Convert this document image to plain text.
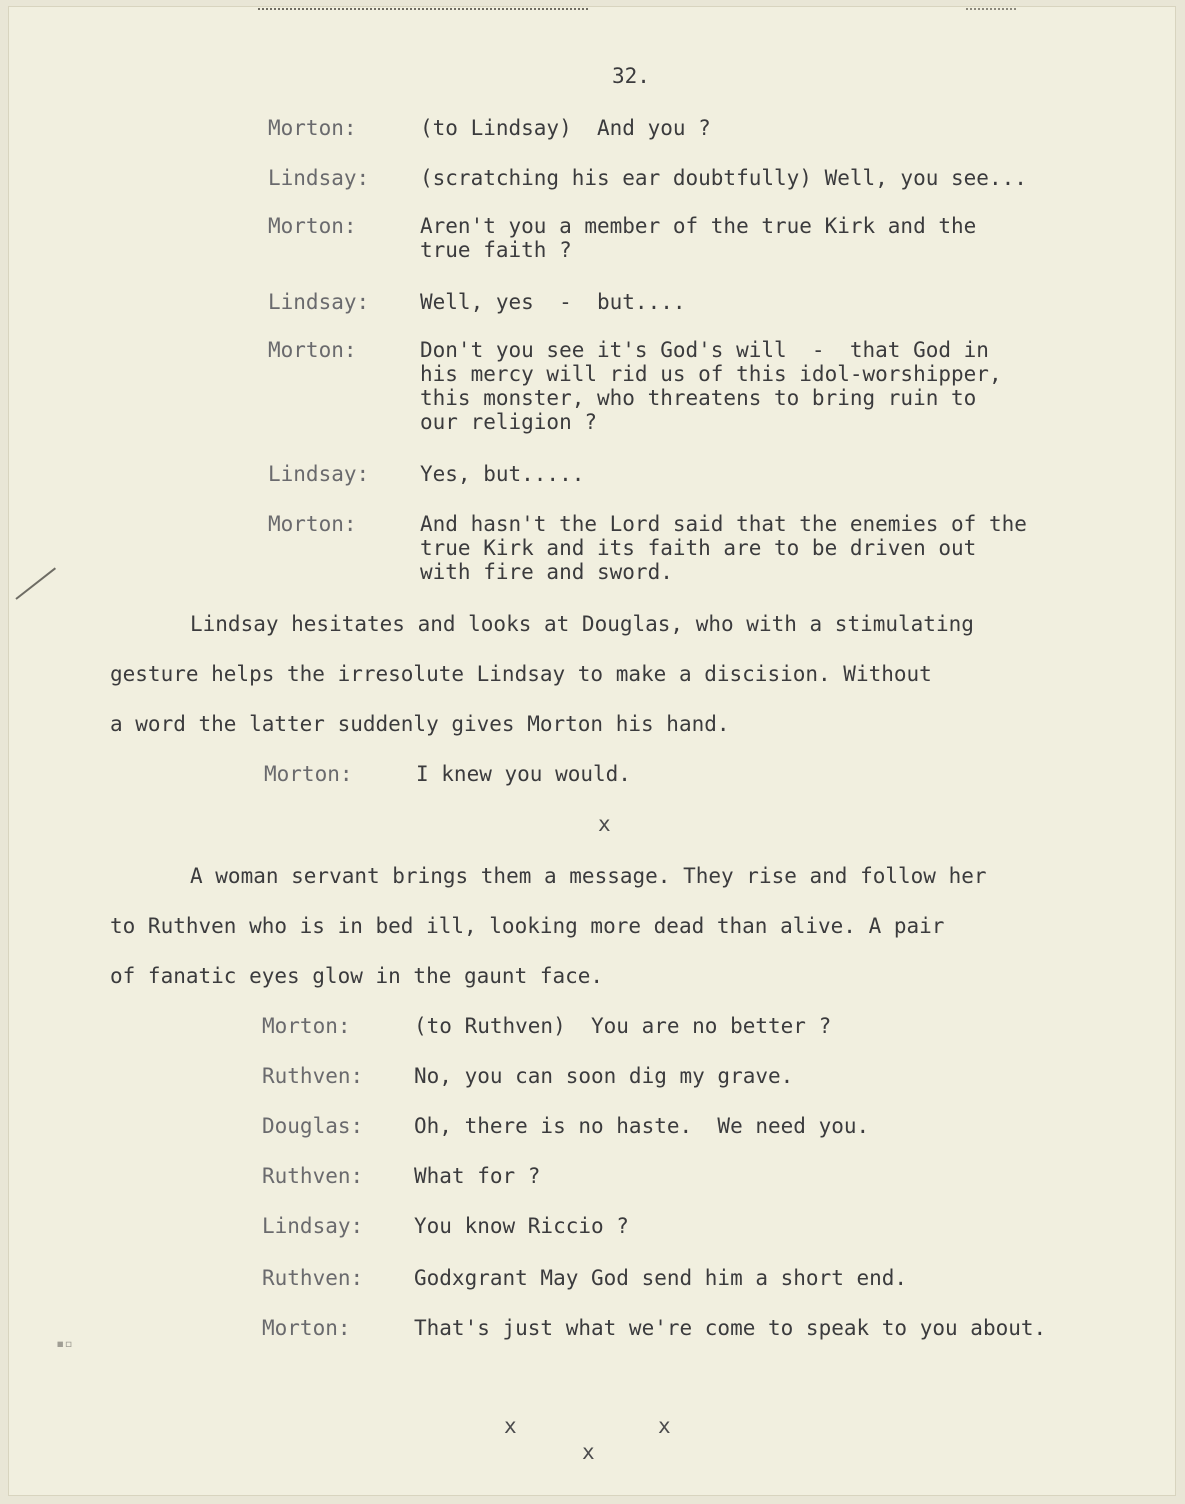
▪▫

32.

Morton:	(to Lindsay)  And you ?

Lindsay: (scratching his ear doubtfully) Well, you see...

Morton:	Aren't you a member of the true Kirk and the

true faith ?

Lindsay: Well, yes  -  but....

Morton:	Don't you see it's God's will  -  that God in

his mercy will rid us of this idol-worshipper,

this monster, who threatens to bring ruin to

our religion ?

Lindsay: Yes, but.....

Morton:	And hasn't the Lord said that the enemies of the

true Kirk and its faith are to be driven out

with fire and sword.

Lindsay hesitates and looks at Douglas, who with a stimulating

gesture helps the irresolute Lindsay to make a discision. Without

a word the latter suddenly gives Morton his hand.

Morton:	I knew you would.

x

A woman servant brings them a message. They rise and follow her

to Ruthven who is in bed ill, looking more dead than alive. A pair

of fanatic eyes glow in the gaunt face.

Morton:	(to Ruthven)  You are no better ?

Ruthven: No, you can soon dig my grave.

Douglas: Oh, there is no haste.  We need you.

Ruthven: What for ?

Lindsay: You know Riccio ?

Ruthven: Godxgrant May God send him a short end.

Morton:	That's just what we're come to speak to you about.

x	x

x
